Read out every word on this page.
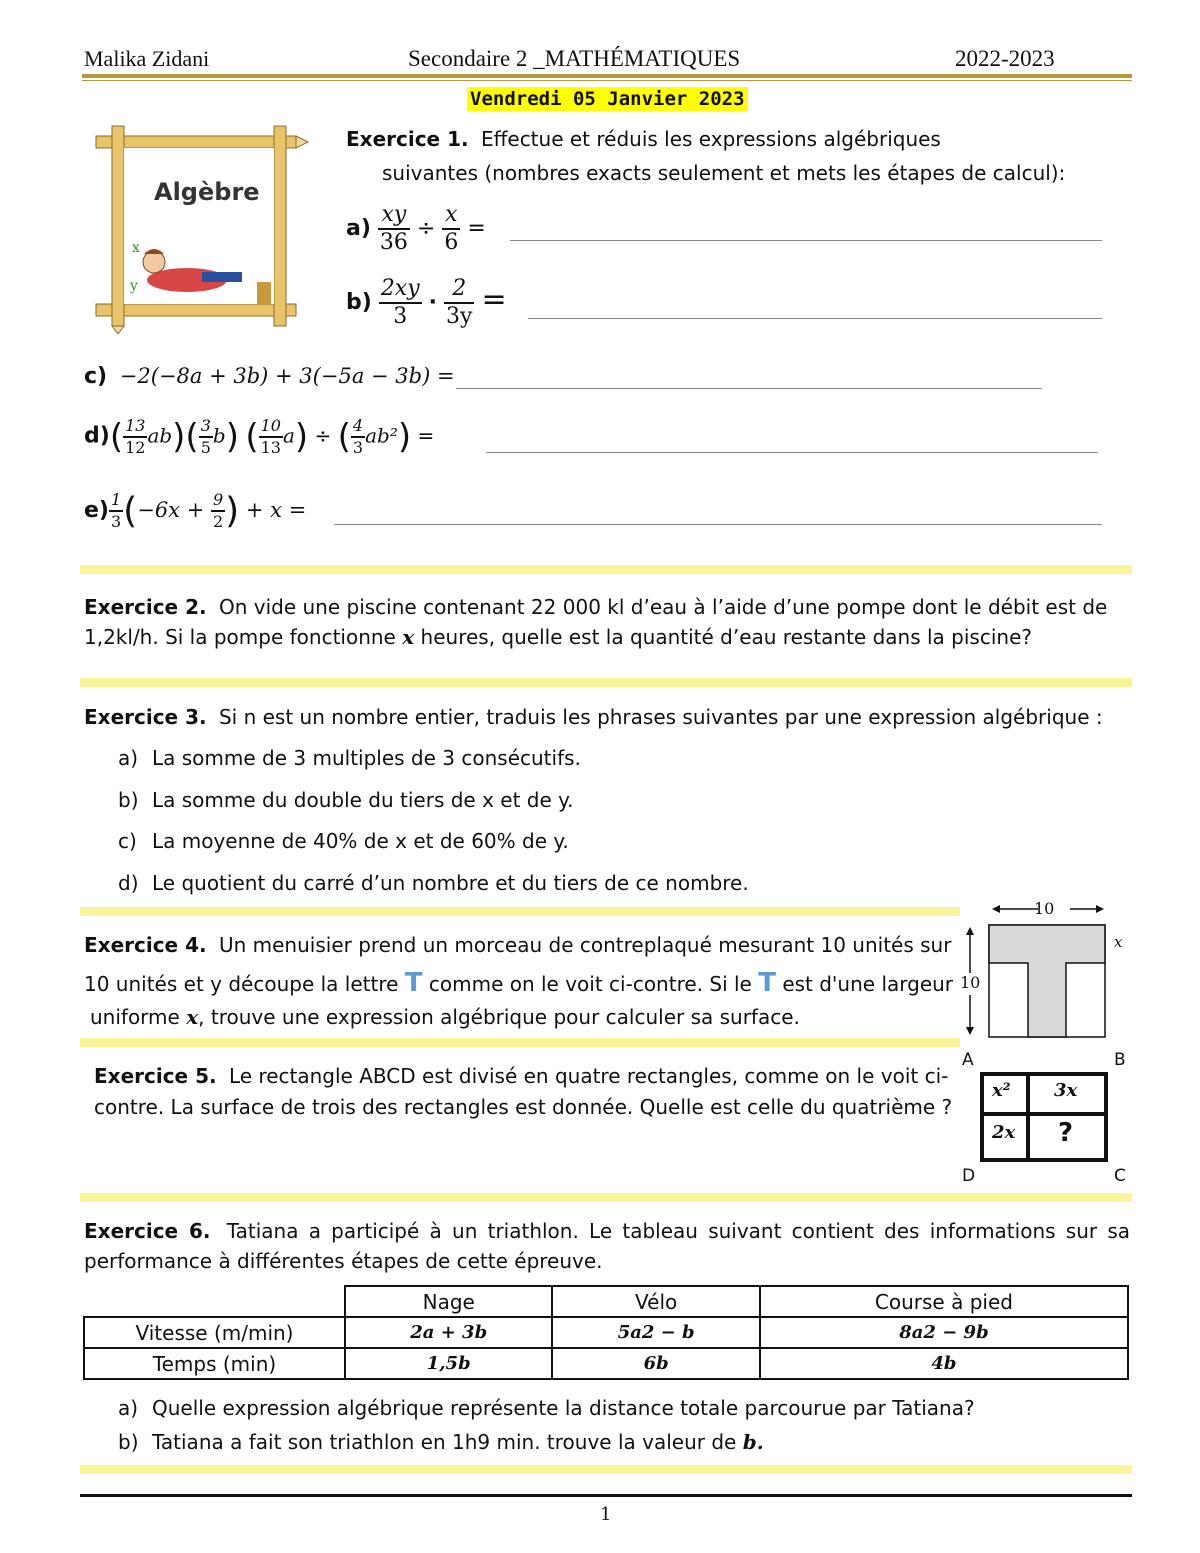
Malika Zidani	Secondaire 2 _MATHÉMATIQUES	2022-2023
Vendredi 05 Janvier 2023
x
y
Algèbre
Exercice 1. Effectue et réduis les expressions algébriques
suivantes (nombres exacts seulement et mets les étapes de calcul):
$a) \frac{xy}{36} \div \frac{x}{6}$ =
$b) \frac{2xy}{3} \cdot \frac{2}{3y}$ =
c) −2(−8a + 3b) + 3(−5a − 3b) =
$d)( \frac{13}{12} ab)( \frac{3}{5} b)$ ( $\frac{10}{13} a$) ÷ ( $\frac{4}{3} ab^2$) =
$e) \frac{1}{3} (-6x + \frac{9}{2}$ ) + x =
Exercice 2. On vide une piscine contenant 22 000 kl d’eau à l’aide d’une pompe dont le débit est de
1,2kl/h. Si la pompe fonctionne x heures, quelle est la quantité d’eau restante dans la piscine?
Exercice 3. Si n est un nombre entier, traduis les phrases suivantes par une expression algébrique :
a) La somme de 3 multiples de 3 consécutifs.
b) La somme du double du tiers de x et de y.
c) La moyenne de 40% de x et de 60% de y.
d) Le quotient du carré d’un nombre et du tiers de ce nombre.
Exercice 4. Un menuisier prend un morceau de contreplaqué mesurant 10 unités sur
10 unités et y découpe la lettre T comme on le voit ci-contre. Si le T est d'une largeur
uniforme x, trouve une expression algébrique pour calculer sa surface.
10
10
x
Exercice 5. Le rectangle ABCD est divisé en quatre rectangles, comme on le voit ci-
contre. La surface de trois des rectangles est donnée. Quelle est celle du quatrième ?
A	B
D	C
x² 3x
2x ?
Exercice 6. Tatiana a participé à un triathlon. Le tableau suivant contient des informations sur sa
performance à différentes étapes de cette épreuve.
	Nage	Vélo	Course à pied
Vitesse (m/min)	2a + 3b	5a2 − b	8a2 − 9b
Temps (min)	1,5b	6b	4b
a) Quelle expression algébrique représente la distance totale parcourue par Tatiana?
b) Tatiana a fait son triathlon en 1h9 min. trouve la valeur de b.
1
